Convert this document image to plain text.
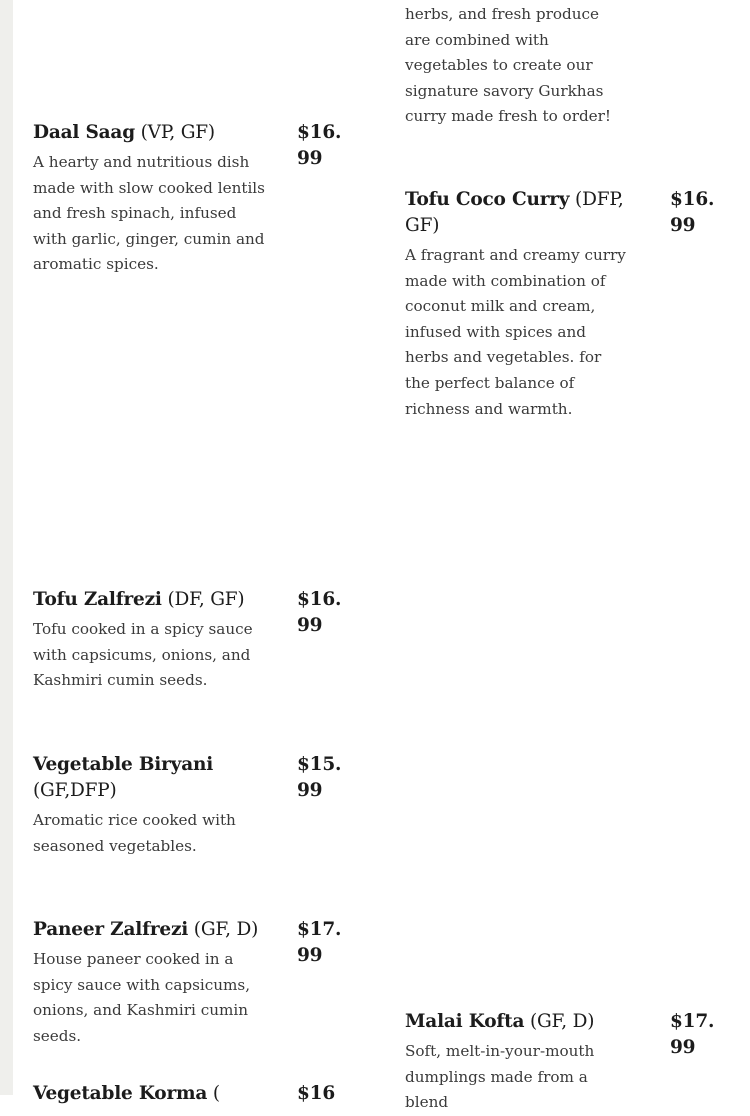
herbs, and fresh produce are combined with vegetables to create our signature savory Gurkhas curry made fresh to order!
Daal Saag (VP, GF)
A hearty and nutritious dish made with slow cooked lentils and fresh spinach, infused with garlic, ginger, cumin and aromatic spices.
$16.99
Tofu Zalfrezi (DF, GF)
Tofu cooked in a spicy sauce with capsicums, onions, and Kashmiri cumin seeds.
$16.99
Vegetable Biryani (GF,DFP)
Aromatic rice cooked with seasoned vegetables.
$15.99
Paneer Zalfrezi (GF, D)
House paneer cooked in a spicy sauce with capsicums, onions, and Kashmiri cumin seeds.
$17.99
Vegetable Korma (	$16
Tofu Coco Curry (DFP, GF)
A fragrant and creamy curry made with combination of coconut milk and cream, infused with spices and herbs and vegetables. for the perfect balance of richness and warmth.
$16.99
Malai Kofta (GF, D)
Soft, melt-in-your-mouth dumplings made from a blend
$17.99
